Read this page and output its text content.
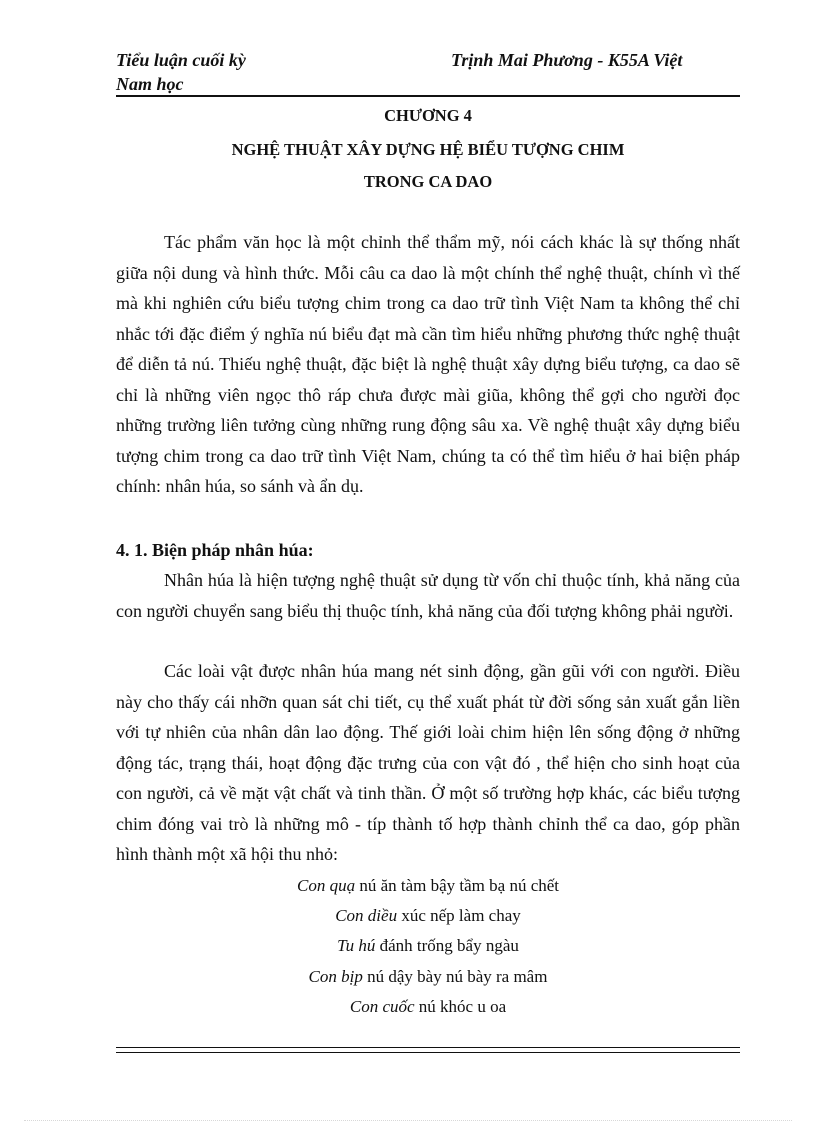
Tiểu luận cuối kỳ	Trịnh Mai Phương - K55A Việt
Nam học
CHƯƠNG 4
NGHỆ THUẬT XÂY DỰNG HỆ BIỂU TƯỢNG CHIM
TRONG CA DAO
Tác phẩm văn học là một chỉnh thể thẩm mỹ, nói cách khác là sự thống nhất giữa nội dung và hình thức. Mỗi câu ca dao là một chính thể nghệ thuật, chính vì thế mà khi nghiên cứu biểu tượng chim trong ca dao trữ tình Việt Nam ta không thể chỉ nhắc tới đặc điểm ý nghĩa nú biểu đạt mà cần tìm hiểu những phương thức nghệ thuật để diễn tả nú. Thiếu nghệ thuật, đặc biệt là nghệ thuật xây dựng biểu tượng, ca dao sẽ chỉ là những viên ngọc thô ráp chưa được mài giũa, không thể gợi cho người đọc những trường liên tưởng cùng những rung động sâu xa. Về nghệ thuật xây dựng biểu tượng chim trong ca dao trữ tình Việt Nam, chúng ta có thể tìm hiểu ở hai biện pháp chính: nhân húa, so sánh và ẩn dụ.
4. 1. Biện pháp nhân húa:
Nhân húa là hiện tượng nghệ thuật sử dụng từ vốn chỉ thuộc tính, khả năng của con người chuyển sang biểu thị thuộc tính, khả năng của đối tượng không phải người.
Các loài vật được nhân húa mang nét sinh động, gần gũi với con người. Điều này cho thấy cái nhỡn quan sát chi tiết, cụ thể xuất phát từ đời sống sản xuất gắn liền với tự nhiên của nhân dân lao động. Thế giới loài chim hiện lên sống động ở những động tác, trạng thái, hoạt động đặc trưng của con vật đó , thể hiện cho sinh hoạt của con người, cả về mặt vật chất và tinh thần. Ở một số trường hợp khác, các biểu tượng chim đóng vai trò là những mô - típ thành tố hợp thành chỉnh thể ca dao, góp phần hình thành một xã hội thu nhỏ:
Con quạ nú ăn tàm bậy tầm bạ nú chết
Con diều xúc nếp làm chay
Tu hú đánh trống bẩy ngàu
Con bịp nú dậy bày nú bày ra mâm
Con cuốc nú khóc u oa
